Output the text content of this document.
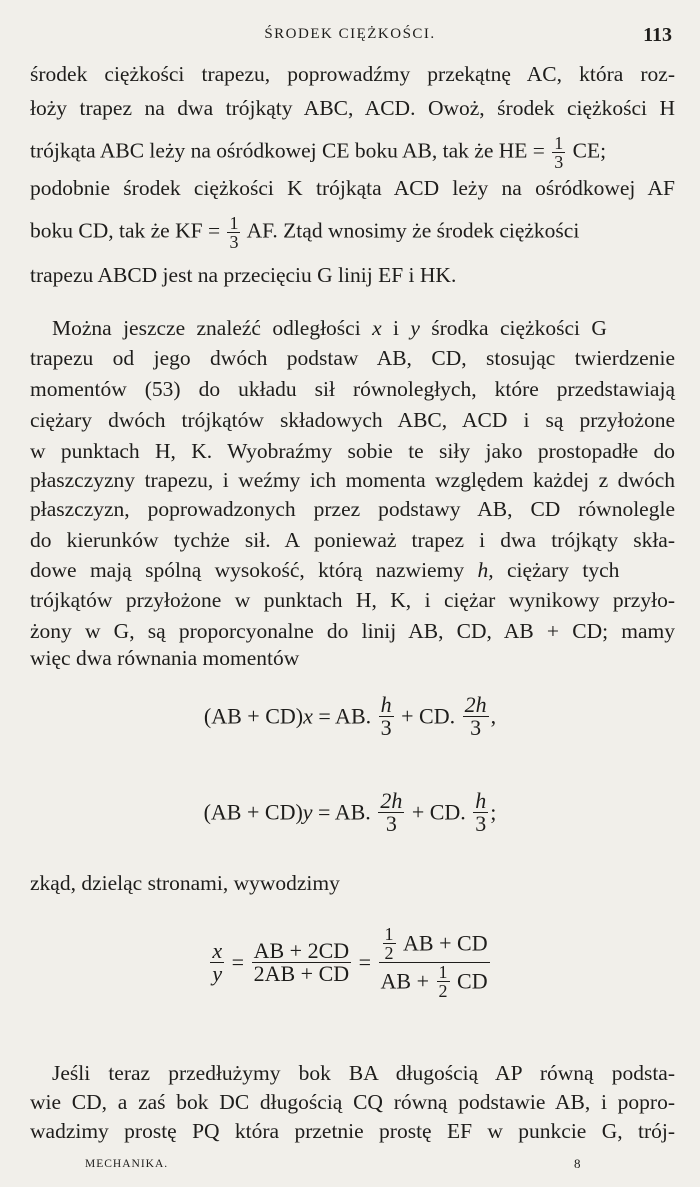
ŚRODEK CIĘŻKOŚCI.	113
środek ciężkości trapezu, poprowadźmy przekątnę AC, która roz-
łoży trapez na dwa trójkąty ABC, ACD. Owoż, środek ciężkości H
trójkąta ABC leży na ośródkowej CE boku AB, tak że HE = $\frac{1}{3}$ CE;
podobnie środek ciężkości K trójkąta ACD leży na ośródkowej AF
boku CD, tak że KF = $\frac{1}{3}$ AF. Ztąd wnosimy że środek ciężkości
trapezu ABCD jest na przecięciu G linij EF i HK.
Można jeszcze znaleźć odległości x i y środka ciężkości G
trapezu od jego dwóch podstaw AB, CD, stosując twierdzenie
momentów (53) do układu sił równoległych, które przedstawiają
ciężary dwóch trójkątów składowych ABC, ACD i są przyłożone
w punktach H, K. Wyobraźmy sobie te siły jako prostopadłe do
płaszczyzny trapezu, i weźmy ich momenta względem każdej z dwóch
płaszczyzn, poprowadzonych przez podstawy AB, CD równolegle
do kierunków tychże sił. A ponieważ trapez i dwa trójkąty skła-
dowe mają spólną wysokość, którą nazwiemy h, ciężary tych
trójkątów przyłożone w punktach H, K, i ciężar wynikowy przyło-
żony w G, są proporcyonalne do linij AB, CD, AB + CD; mamy
więc dwa równania momentów
(AB + CD)x = AB. $\frac{h}{3}$ + CD. $\frac{2h}{3}$ ,
(AB + CD)y = AB. $\frac{2h}{3}$ + CD. $\frac{h}{3}$ ;
zkąd, dzieląc stronami, wywodzimy
$\frac{x}{y} = \frac{AB + 2CD}{2AB + CD} = \frac{\frac{1}{2} AB + CD}{AB + \frac{1}{2} CD}$
Jeśli teraz przedłużymy bok BA długością AP równą podsta-
wie CD, a zaś bok DC długością CQ równą podstawie AB, i popro-
wadzimy prostę PQ która przetnie prostę EF w punkcie G, trój-
MECHANIKA.	8
